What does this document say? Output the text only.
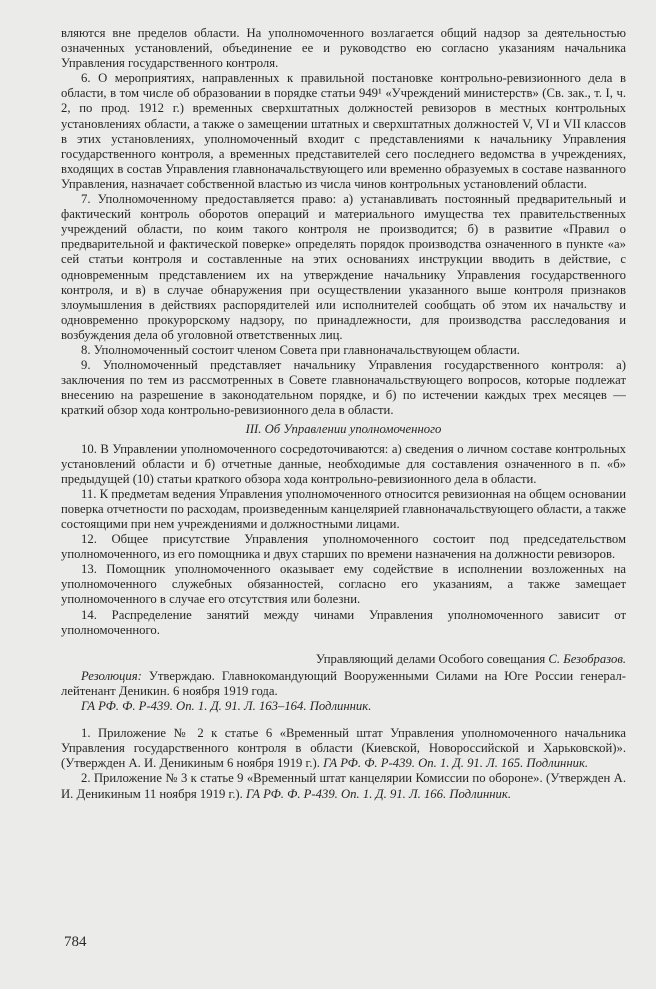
вляются вне пределов области. На уполномоченного возлагается общий надзор за деятельностью означенных установлений, объединение ее и руководство ею согласно указаниям начальника Управления государственного контроля.

6. О мероприятиях, направленных к правильной постановке контрольно-ревизионного дела в области, в том числе об образовании в порядке статьи 949¹ «Учреждений министерств» (Св. зак., т. I, ч. 2, по прод. 1912 г.) временных сверхштатных должностей ревизоров в местных контрольных установлениях области, а также о замещении штатных и сверхштатных должностей V, VI и VII классов в этих установлениях, уполномоченный входит с представлениями к начальнику Управления государственного контроля, а временных представителей сего последнего ведомства в учреждениях, входящих в состав Управления главноначальствующего или временно образуемых в составе названного Управления, назначает собственной властью из числа чинов контрольных установлений области.

7. Уполномоченному предоставляется право: а) устанавливать постоянный предварительный и фактический контроль оборотов операций и материального имущества тех правительственных учреждений области, по коим такого контроля не производится; б) в развитие «Правил о предварительной и фактической поверке» определять порядок производства означенного в пункте «а» сей статьи контроля и составленные на этих основаниях инструкции вводить в действие, с одновременным представлением их на утверждение начальнику Управления государственного контроля, и в) в случае обнаружения при осуществлении указанного выше контроля признаков злоумышления в действиях распорядителей или исполнителей сообщать об этом их начальству и одновременно прокурорскому надзору, по принадлежности, для производства расследования и возбуждения дела об уголовной ответственных лиц.

8. Уполномоченный состоит членом Совета при главноначальствующем области.

9. Уполномоченный представляет начальнику Управления государственного контроля: а) заключения по тем из рассмотренных в Совете главноначальствующего вопросов, которые подлежат внесению на разрешение в законодательном порядке, и б) по истечении каждых трех месяцев — краткий обзор хода контрольно-ревизионного дела в области.

III. Об Управлении уполномоченного

10. В Управлении уполномоченного сосредоточиваются: а) сведения о личном составе контрольных установлений области и б) отчетные данные, необходимые для составления означенного в п. «б» предыдущей (10) статьи краткого обзора хода контрольно-ревизионного дела в области.

11. К предметам ведения Управления уполномоченного относится ревизионная на общем основании поверка отчетности по расходам, произведенным канцелярией главноначальствующего области, а также состоящими при нем учреждениями и должностными лицами.

12. Общее присутствие Управления уполномоченного состоит под председательством уполномоченного, из его помощника и двух старших по времени назначения на должности ревизоров.

13. Помощник уполномоченного оказывает ему содействие в исполнении возложенных на уполномоченного служебных обязанностей, согласно его указаниям, а также замещает уполномоченного в случае его отсутствия или болезни.

14. Распределение занятий между чинами Управления уполномоченного зависит от уполномоченного.

Управляющий делами Особого совещания С. Безобразов.

Резолюция: Утверждаю. Главнокомандующий Вооруженными Силами на Юге России генерал-лейтенант Деникин. 6 ноября 1919 года.

ГА РФ. Ф. Р-439. Оп. 1. Д. 91. Л. 163–164. Подлинник.

1. Приложение № 2 к статье 6 «Временный штат Управления уполномоченного начальника Управления государственного контроля в области (Киевской, Новороссийской и Харьковской)». (Утвержден А. И. Деникиным 6 ноября 1919 г.). ГА РФ. Ф. Р-439. Оп. 1. Д. 91. Л. 165. Подлинник.

2. Приложение № 3 к статье 9 «Временный штат канцелярии Комиссии по обороне». (Утвержден А. И. Деникиным 11 ноября 1919 г.). ГА РФ. Ф. Р-439. Оп. 1. Д. 91. Л. 166. Подлинник.

784
